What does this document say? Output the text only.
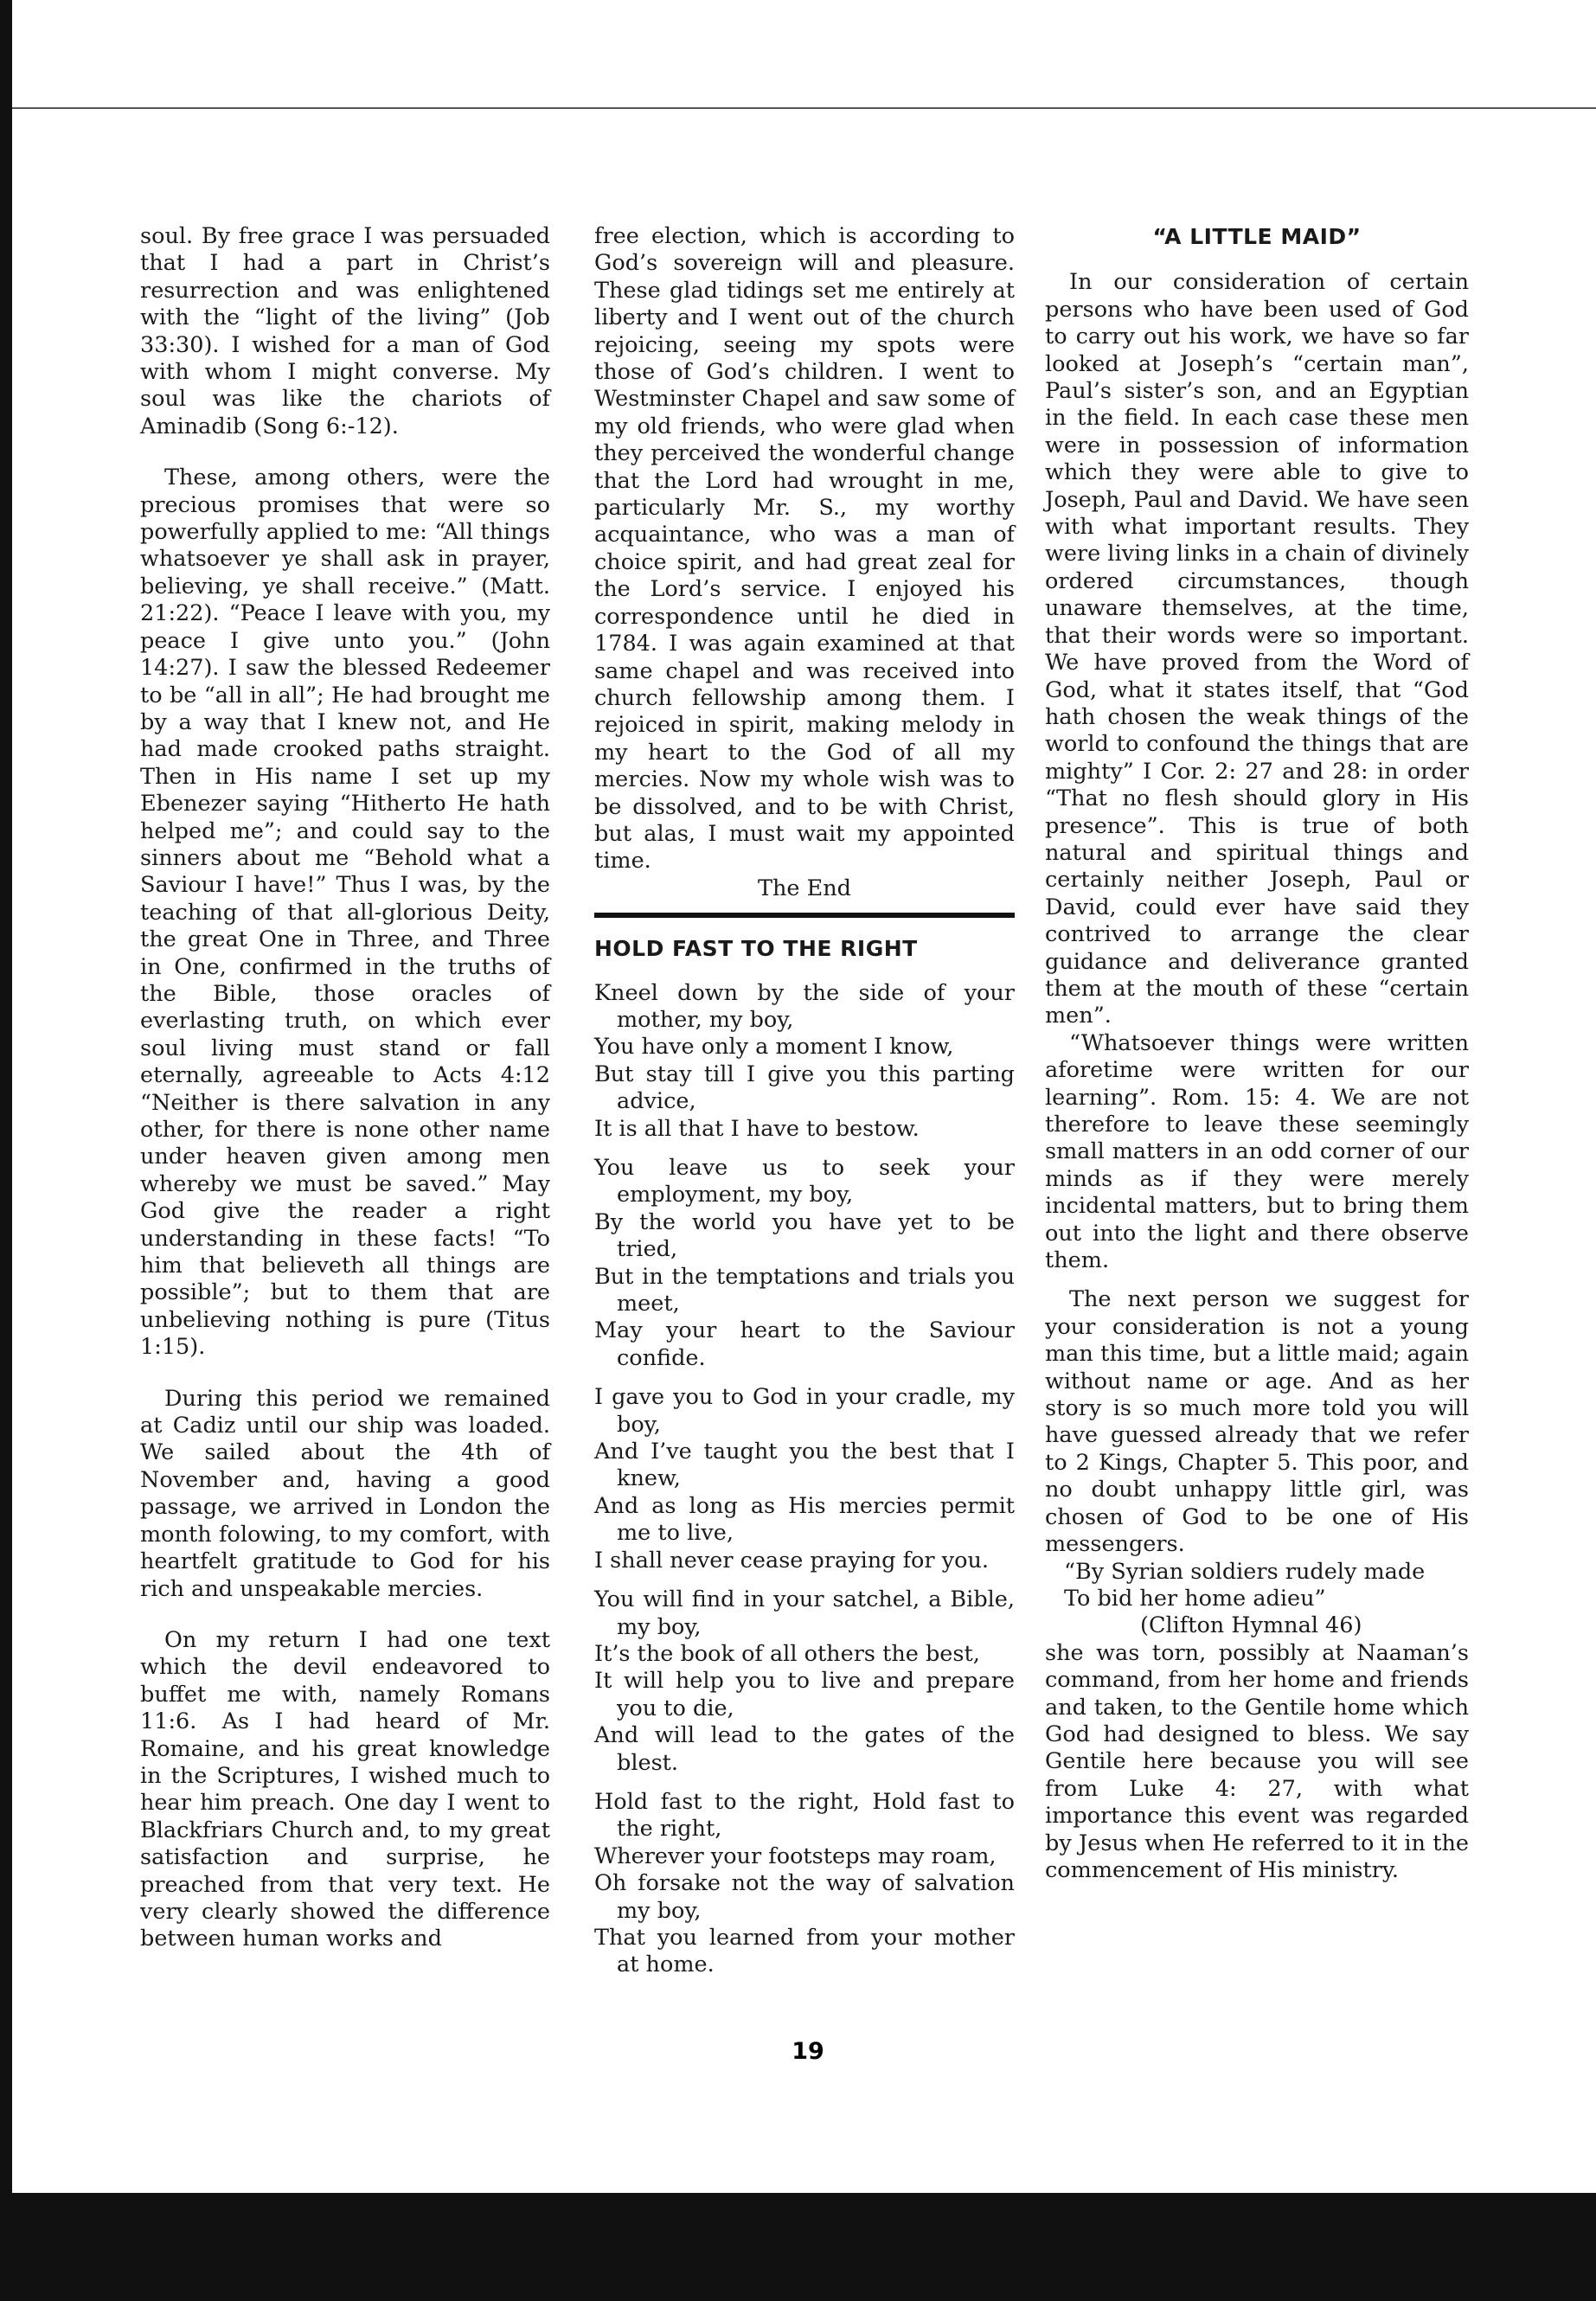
soul. By free grace I was persuaded that I had a part in Christ’s resurrection and was enlightened with the “light of the living” (Job 33:30). I wished for a man of God with whom I might converse. My soul was like the chariots of Aminadib (Song 6:-12).

These, among others, were the precious promises that were so powerfully applied to me: “All things whatsoever ye shall ask in prayer, believing, ye shall receive.” (Matt. 21:22). “Peace I leave with you, my peace I give unto you.” (John 14:27). I saw the blessed Redeemer to be “all in all”; He had brought me by a way that I knew not, and He had made crooked paths straight. Then in His name I set up my Ebenezer saying “Hitherto He hath helped me”; and could say to the sinners about me “Behold what a Saviour I have!” Thus I was, by the teaching of that all-glorious Deity, the great One in Three, and Three in One, confirmed in the truths of the Bible, those oracles of everlasting truth, on which ever soul living must stand or fall eternally, agreeable to Acts 4:12 “Neither is there salvation in any other, for there is none other name under heaven given among men whereby we must be saved.” May God give the reader a right understanding in these facts! “To him that believeth all things are possible”; but to them that are unbelieving nothing is pure (Titus 1:15).

During this period we remained at Cadiz until our ship was loaded. We sailed about the 4th of November and, having a good passage, we arrived in London the month folowing, to my comfort, with heartfelt gratitude to God for his rich and unspeakable mercies.

On my return I had one text which the devil endeavored to buffet me with, namely Romans 11:6. As I had heard of Mr. Romaine, and his great knowledge in the Scriptures, I wished much to hear him preach. One day I went to Blackfriars Church and, to my great satisfaction and surprise, he preached from that very text. He very clearly showed the difference between human works and

free election, which is according to God’s sovereign will and pleasure. These glad tidings set me entirely at liberty and I went out of the church rejoicing, seeing my spots were those of God’s children. I went to Westminster Chapel and saw some of my old friends, who were glad when they perceived the wonderful change that the Lord had wrought in me, particularly Mr. S., my worthy acquaintance, who was a man of choice spirit, and had great zeal for the Lord’s service. I enjoyed his correspondence until he died in 1784. I was again examined at that same chapel and was received into church fellowship among them. I rejoiced in spirit, making melody in my heart to the God of all my mercies. Now my whole wish was to be dissolved, and to be with Christ, but alas, I must wait my appointed time.

The End

HOLD FAST TO THE RIGHT

Kneel down by the side of your mother, my boy,
You have only a moment I know,
But stay till I give you this parting advice,
It is all that I have to bestow.
You leave us to seek your employment, my boy,
By the world you have yet to be tried,
But in the temptations and trials you meet,
May your heart to the Saviour confide.
I gave you to God in your cradle, my boy,
And I’ve taught you the best that I knew,
And as long as His mercies permit me to live,
I shall never cease praying for you.
You will find in your satchel, a Bible, my boy,
It’s the book of all others the best,
It will help you to live and prepare you to die,
And will lead to the gates of the blest.
Hold fast to the right, Hold fast to the right,
Wherever your footsteps may roam,
Oh forsake not the way of salvation my boy,
That you learned from your mother at home.

“A LITTLE MAID”

In our consideration of certain persons who have been used of God to carry out his work, we have so far looked at Joseph’s “certain man”, Paul’s sister’s son, and an Egyptian in the field. In each case these men were in possession of information which they were able to give to Joseph, Paul and David. We have seen with what important results. They were living links in a chain of divinely ordered circumstances, though unaware themselves, at the time, that their words were so important. We have proved from the Word of God, what it states itself, that “God hath chosen the weak things of the world to confound the things that are mighty” I Cor. 2: 27 and 28: in order “That no flesh should glory in His presence”. This is true of both natural and spiritual things and certainly neither Joseph, Paul or David, could ever have said they contrived to arrange the clear guidance and deliverance granted them at the mouth of these “certain men”.

“Whatsoever things were written aforetime were written for our learning”. Rom. 15: 4. We are not therefore to leave these seemingly small matters in an odd corner of our minds as if they were merely incidental matters, but to bring them out into the light and there observe them.

The next person we suggest for your consideration is not a young man this time, but a little maid; again without name or age. And as her story is so much more told you will have guessed already that we refer to 2 Kings, Chapter 5. This poor, and no doubt unhappy little girl, was chosen of God to be one of His messengers.

“By Syrian soldiers rudely made
To bid her home adieu”
(Clifton Hymnal 46)

she was torn, possibly at Naaman’s command, from her home and friends and taken, to the Gentile home which God had designed to bless. We say Gentile here because you will see from Luke 4: 27, with what importance this event was regarded by Jesus when He referred to it in the commencement of His ministry.

19
